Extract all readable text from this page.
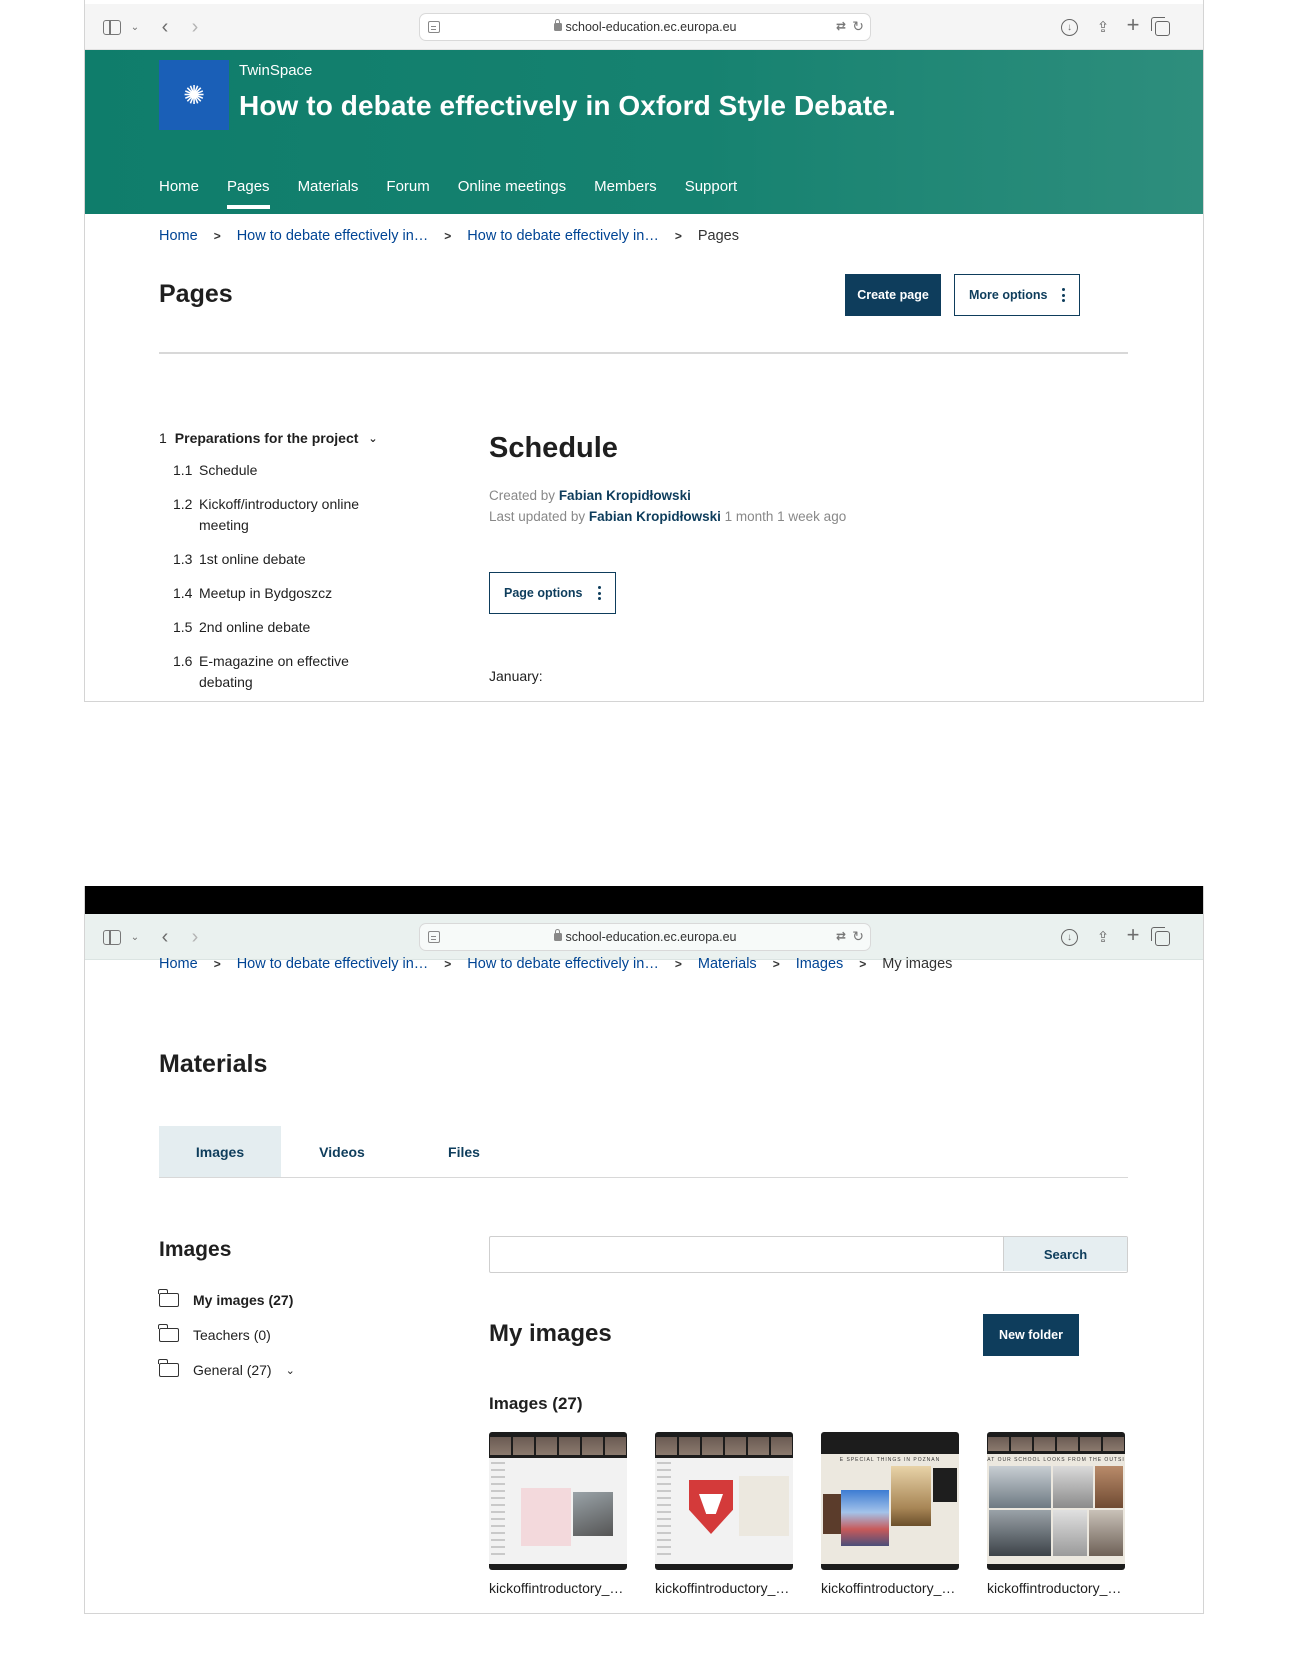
⌄	‹	›	school-education.ec.europa.eu	⇄ ↻	↓	⇪ +
✺
TwinSpace
How to debate effectively in Oxford Style Debate.
Home Pages Materials Forum Online meetings Members Support
Home > How to debate effectively in… > How to debate effectively in… > Pages
Pages	Create page	More options
1 Preparations for the project ⌄
1.1 Schedule
1.2 Kickoff/introductory online meeting
1.3 1st online debate
1.4 Meetup in Bydgoszcz
1.5 2nd online debate
1.6 E-magazine on effective debating
Schedule
Created by Fabian Kropidłowski
Last updated by Fabian Kropidłowski 1 month 1 week ago
Page options
January:
⌄	‹	›	school-education.ec.europa.eu	⇄ ↻	↓	⇪ +
Home > How to debate effectively in… > How to debate effectively in… > Materials > Images > My images
Materials
Images	Videos	Files
Images
My images (27)
Teachers (0)
General (27) ⌄
Search
My images	New folder
Images (27)
kickoffintroductory_… kickoffintroductory_…
E SPECIAL THINGS IN POZNAN
kickoffintroductory_…
AT OUR SCHOOL LOOKS FROM THE OUTSI
kickoffintroductory_…
